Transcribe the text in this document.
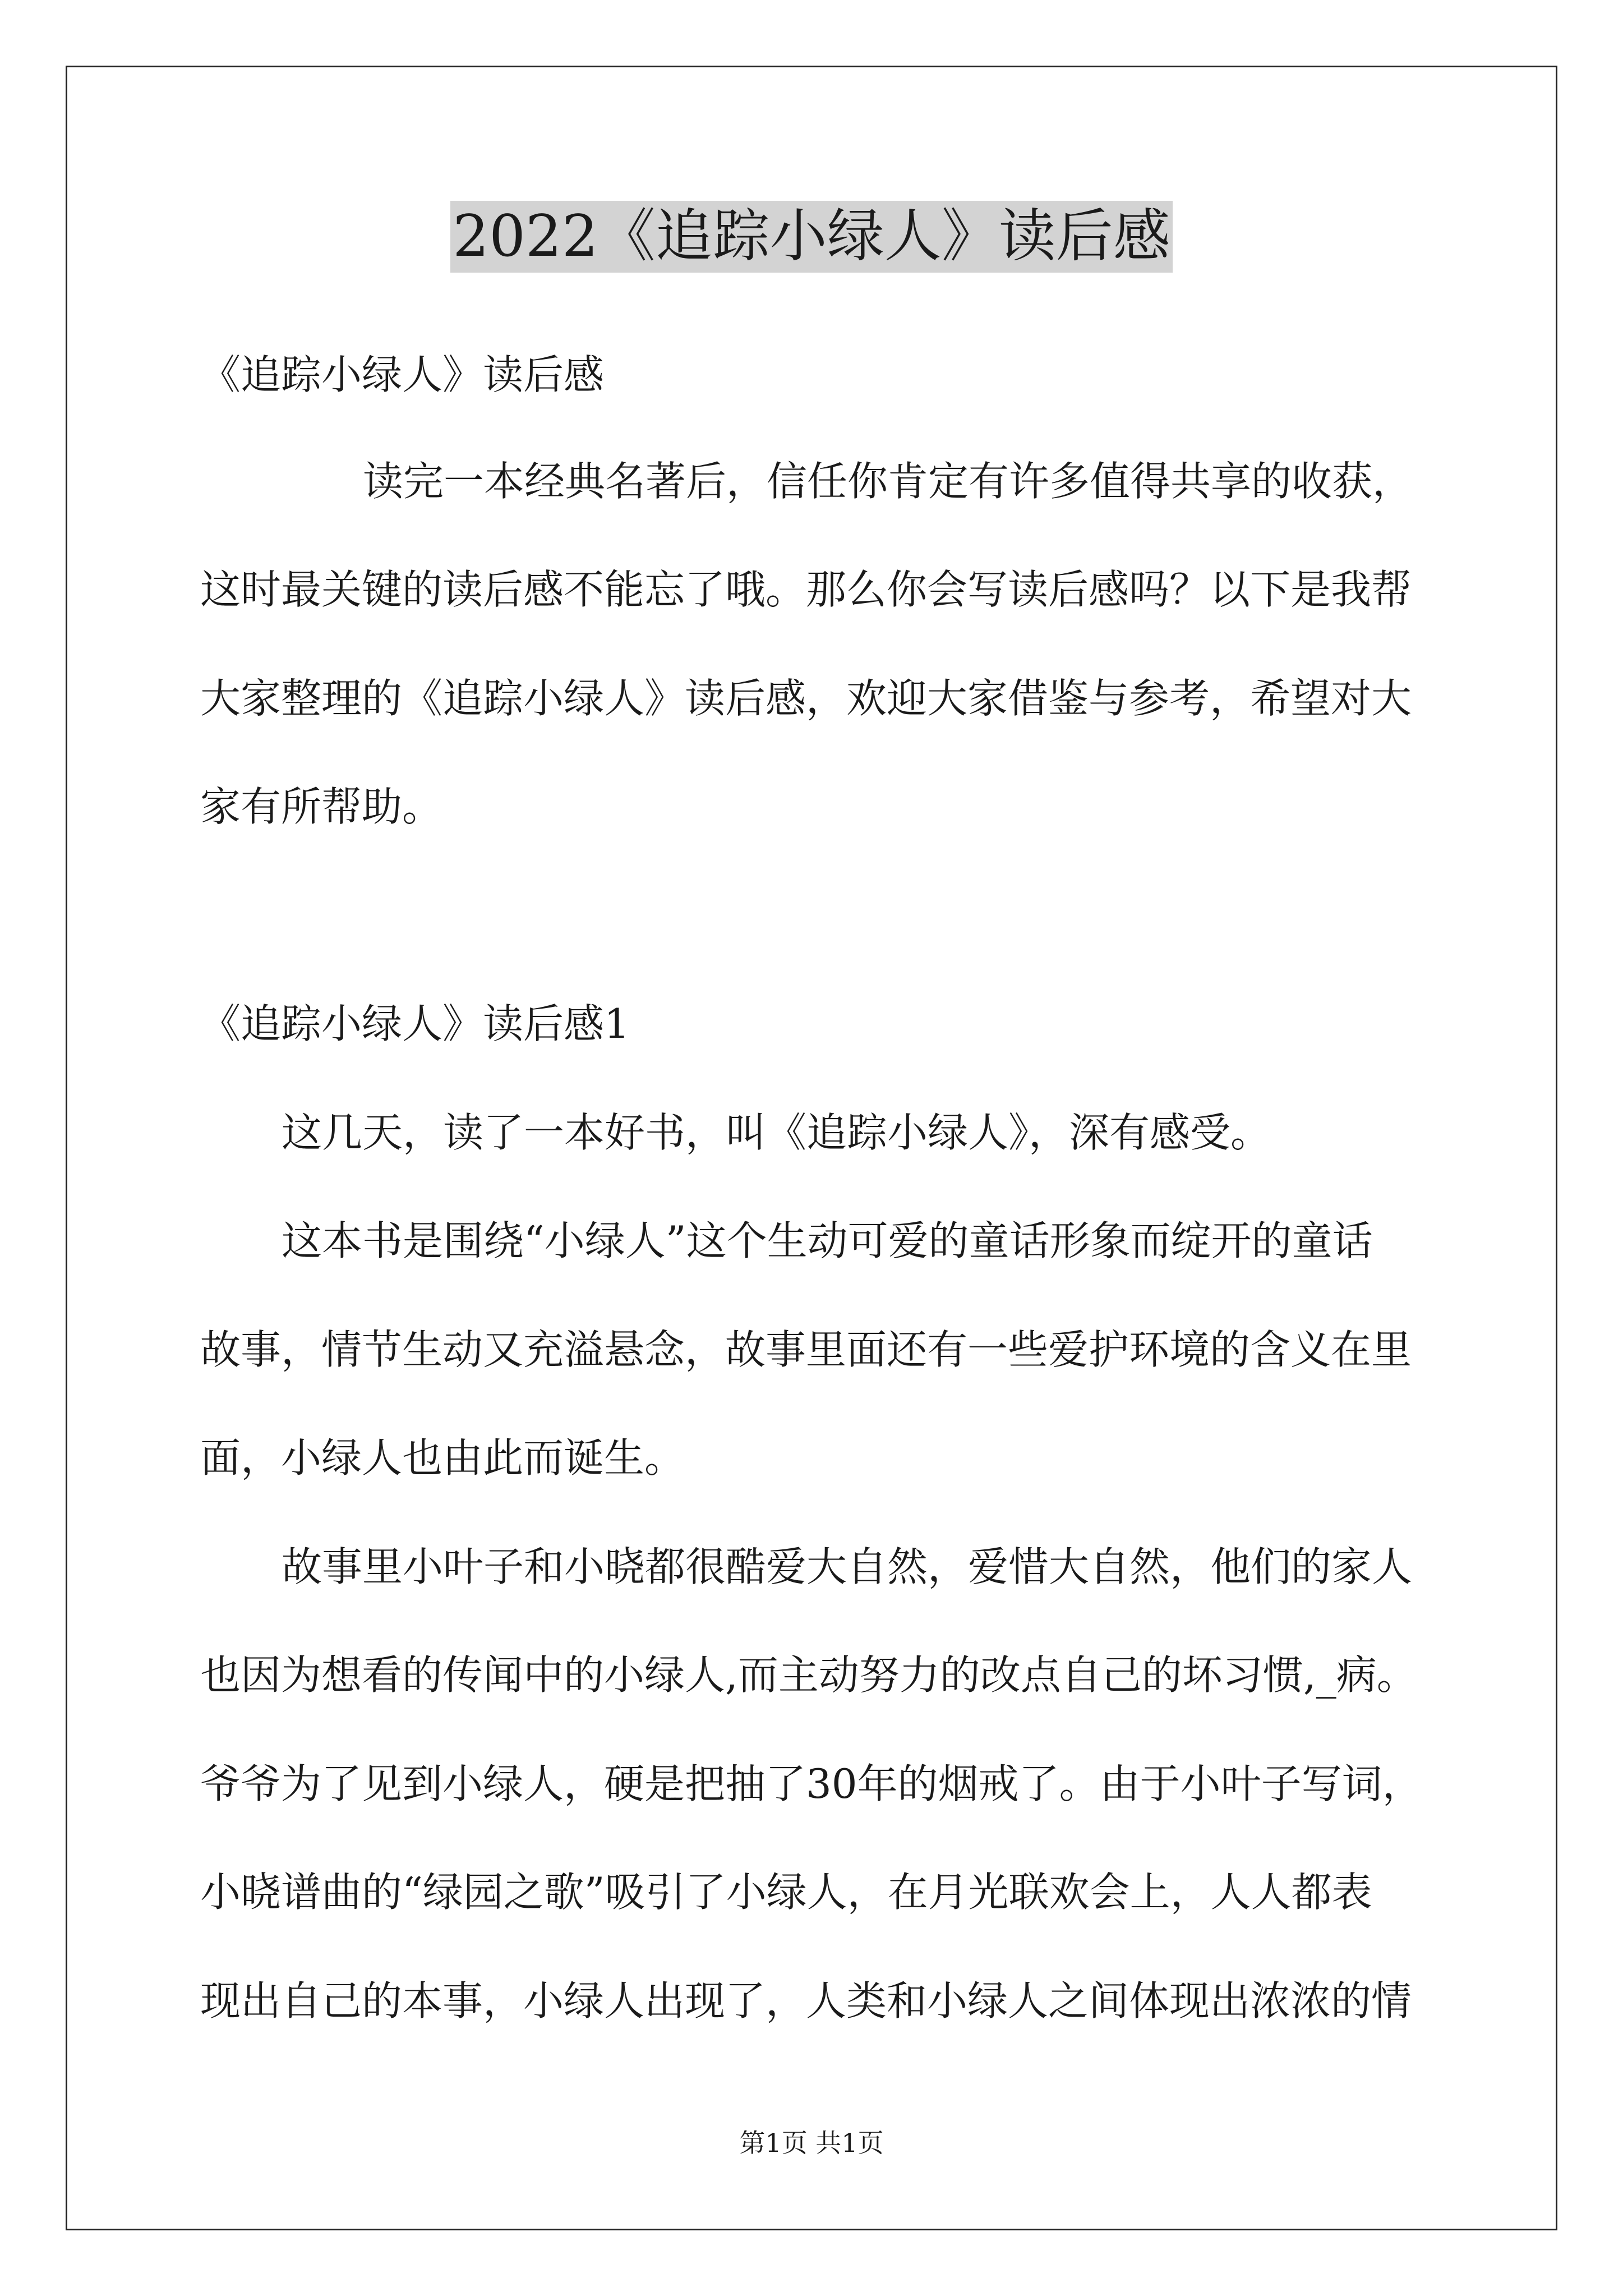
2022《追踪小绿人》读后感
《追踪小绿人》读后感
读完一本经典名著后，信任你肯定有许多值得共享的收获，
这时最关键的读后感不能忘了哦。那么你会写读后感吗？以下是我帮
大家整理的《追踪小绿人》读后感，欢迎大家借鉴与参考，希望对大
家有所帮助。
《追踪小绿人》读后感1
这几天，读了一本好书，叫《追踪小绿人》，深有感受。
这本书是围绕“小绿人”这个生动可爱的童话形象而绽开的童话
故事，情节生动又充溢悬念，故事里面还有一些爱护环境的含义在里
面，小绿人也由此而诞生。
故事里小叶子和小晓都很酷爱大自然，爱惜大自然，他们的家人
也因为想看的传闻中的小绿人,而主动努力的改点自己的坏习惯,_病。
爷爷为了见到小绿人，硬是把抽了30年的烟戒了。由于小叶子写词，
小晓谱曲的“绿园之歌”吸引了小绿人，在月光联欢会上，人人都表
现出自己的本事，小绿人出现了，人类和小绿人之间体现出浓浓的情
第1页 共1页
